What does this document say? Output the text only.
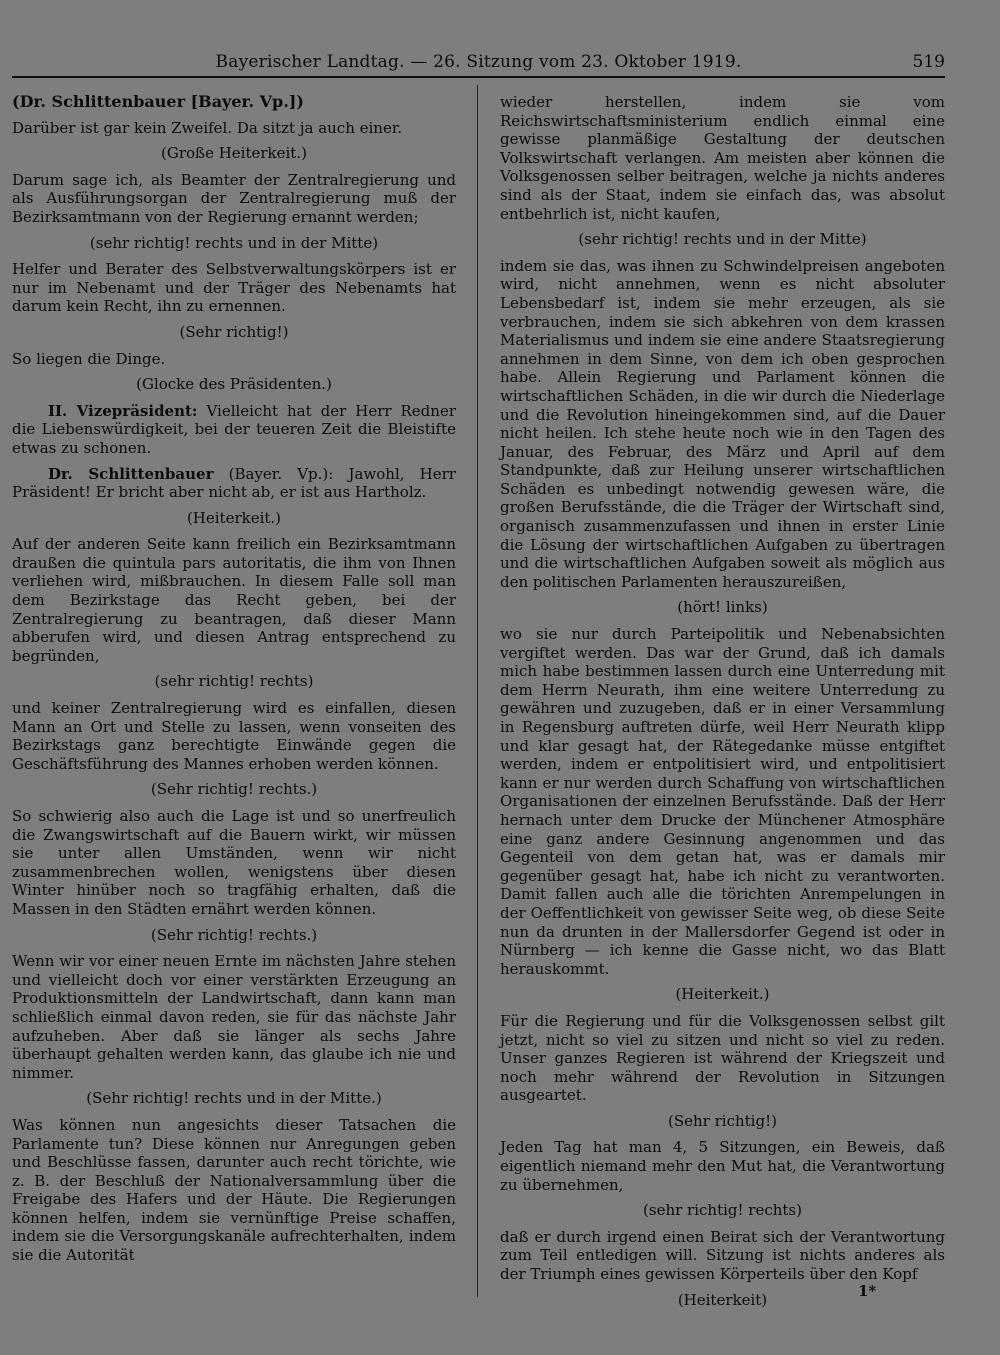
Bayerischer Landtag. — 26. Sitzung vom 23. Oktober 1919.	519

(Dr. Schlittenbauer [Bayer. Vp.])

Darüber ist gar kein Zweifel. Da sitzt ja auch einer.

(Große Heiterkeit.)

Darum sage ich, als Beamter der Zentralregierung und als Ausführungsorgan der Zentralregierung muß der Bezirksamtmann von der Regierung ernannt werden;

(sehr richtig! rechts und in der Mitte)

Helfer und Berater des Selbstverwaltungskörpers ist er nur im Nebenamt und der Träger des Nebenamts hat darum kein Recht, ihn zu ernennen.

(Sehr richtig!)

So liegen die Dinge.

(Glocke des Präsidenten.)

II. Vizepräsident: Vielleicht hat der Herr Redner die Liebenswürdigkeit, bei der teueren Zeit die Bleistifte etwas zu schonen.

Dr. Schlittenbauer (Bayer. Vp.): Jawohl, Herr Präsident! Er bricht aber nicht ab, er ist aus Hartholz.

(Heiterkeit.)

Auf der anderen Seite kann freilich ein Bezirksamtmann draußen die quintula pars autoritatis, die ihm von Ihnen verliehen wird, mißbrauchen. In diesem Falle soll man dem Bezirkstage das Recht geben, bei der Zentralregierung zu beantragen, daß dieser Mann abberufen wird, und diesen Antrag entsprechend zu begründen,

(sehr richtig! rechts)

und keiner Zentralregierung wird es einfallen, diesen Mann an Ort und Stelle zu lassen, wenn vonseiten des Bezirkstags ganz berechtigte Einwände gegen die Geschäftsführung des Mannes erhoben werden können.

(Sehr richtig! rechts.)

So schwierig also auch die Lage ist und so unerfreulich die Zwangswirtschaft auf die Bauern wirkt, wir müssen sie unter allen Umständen, wenn wir nicht zusammenbrechen wollen, wenigstens über diesen Winter hinüber noch so tragfähig erhalten, daß die Massen in den Städten ernährt werden können.

(Sehr richtig! rechts.)

Wenn wir vor einer neuen Ernte im nächsten Jahre stehen und vielleicht doch vor einer verstärkten Erzeugung an Produktionsmitteln der Landwirtschaft, dann kann man schließlich einmal davon reden, sie für das nächste Jahr aufzuheben. Aber daß sie länger als sechs Jahre überhaupt gehalten werden kann, das glaube ich nie und nimmer.

(Sehr richtig! rechts und in der Mitte.)

Was können nun angesichts dieser Tatsachen die Parlamente tun? Diese können nur Anregungen geben und Beschlüsse fassen, darunter auch recht törichte, wie z. B. der Beschluß der Nationalversammlung über die Freigabe des Hafers und der Häute. Die Regierungen können helfen, indem sie vernünftige Preise schaffen, indem sie die Versorgungskanäle aufrechterhalten, indem sie die Autorität

wieder herstellen, indem sie vom Reichswirtschaftsministerium endlich einmal eine gewisse planmäßige Gestaltung der deutschen Volkswirtschaft verlangen. Am meisten aber können die Volksgenossen selber beitragen, welche ja nichts anderes sind als der Staat, indem sie einfach das, was absolut entbehrlich ist, nicht kaufen,

(sehr richtig! rechts und in der Mitte)

indem sie das, was ihnen zu Schwindelpreisen angeboten wird, nicht annehmen, wenn es nicht absoluter Lebensbedarf ist, indem sie mehr erzeugen, als sie verbrauchen, indem sie sich abkehren von dem krassen Materialismus und indem sie eine andere Staatsregierung annehmen in dem Sinne, von dem ich oben gesprochen habe. Allein Regierung und Parlament können die wirtschaftlichen Schäden, in die wir durch die Niederlage und die Revolution hineingekommen sind, auf die Dauer nicht heilen. Ich stehe heute noch wie in den Tagen des Januar, des Februar, des März und April auf dem Standpunkte, daß zur Heilung unserer wirtschaftlichen Schäden es unbedingt notwendig gewesen wäre, die großen Berufsstände, die die Träger der Wirtschaft sind, organisch zusammenzufassen und ihnen in erster Linie die Lösung der wirtschaftlichen Aufgaben zu übertragen und die wirtschaftlichen Aufgaben soweit als möglich aus den politischen Parlamenten herauszureißen,

(hört! links)

wo sie nur durch Parteipolitik und Nebenabsichten vergiftet werden. Das war der Grund, daß ich damals mich habe bestimmen lassen durch eine Unterredung mit dem Herrn Neurath, ihm eine weitere Unterredung zu gewähren und zuzugeben, daß er in einer Versammlung in Regensburg auftreten dürfe, weil Herr Neurath klipp und klar gesagt hat, der Rätegedanke müsse entgiftet werden, indem er entpolitisiert wird, und entpolitisiert kann er nur werden durch Schaffung von wirtschaftlichen Organisationen der einzelnen Berufsstände. Daß der Herr hernach unter dem Drucke der Münchener Atmosphäre eine ganz andere Gesinnung angenommen und das Gegenteil von dem getan hat, was er damals mir gegenüber gesagt hat, habe ich nicht zu verantworten. Damit fallen auch alle die törichten Anrempelungen in der Oeffentlichkeit von gewisser Seite weg, ob diese Seite nun da drunten in der Mallersdorfer Gegend ist oder in Nürnberg — ich kenne die Gasse nicht, wo das Blatt herauskommt.

(Heiterkeit.)

Für die Regierung und für die Volksgenossen selbst gilt jetzt, nicht so viel zu sitzen und nicht so viel zu reden. Unser ganzes Regieren ist während der Kriegszeit und noch mehr während der Revolution in Sitzungen ausgeartet.

(Sehr richtig!)

Jeden Tag hat man 4, 5 Sitzungen, ein Beweis, daß eigentlich niemand mehr den Mut hat, die Verantwortung zu übernehmen,

(sehr richtig! rechts)

daß er durch irgend einen Beirat sich der Verantwortung zum Teil entledigen will. Sitzung ist nichts anderes als der Triumph eines gewissen Körperteils über den Kopf

(Heiterkeit)	1*
